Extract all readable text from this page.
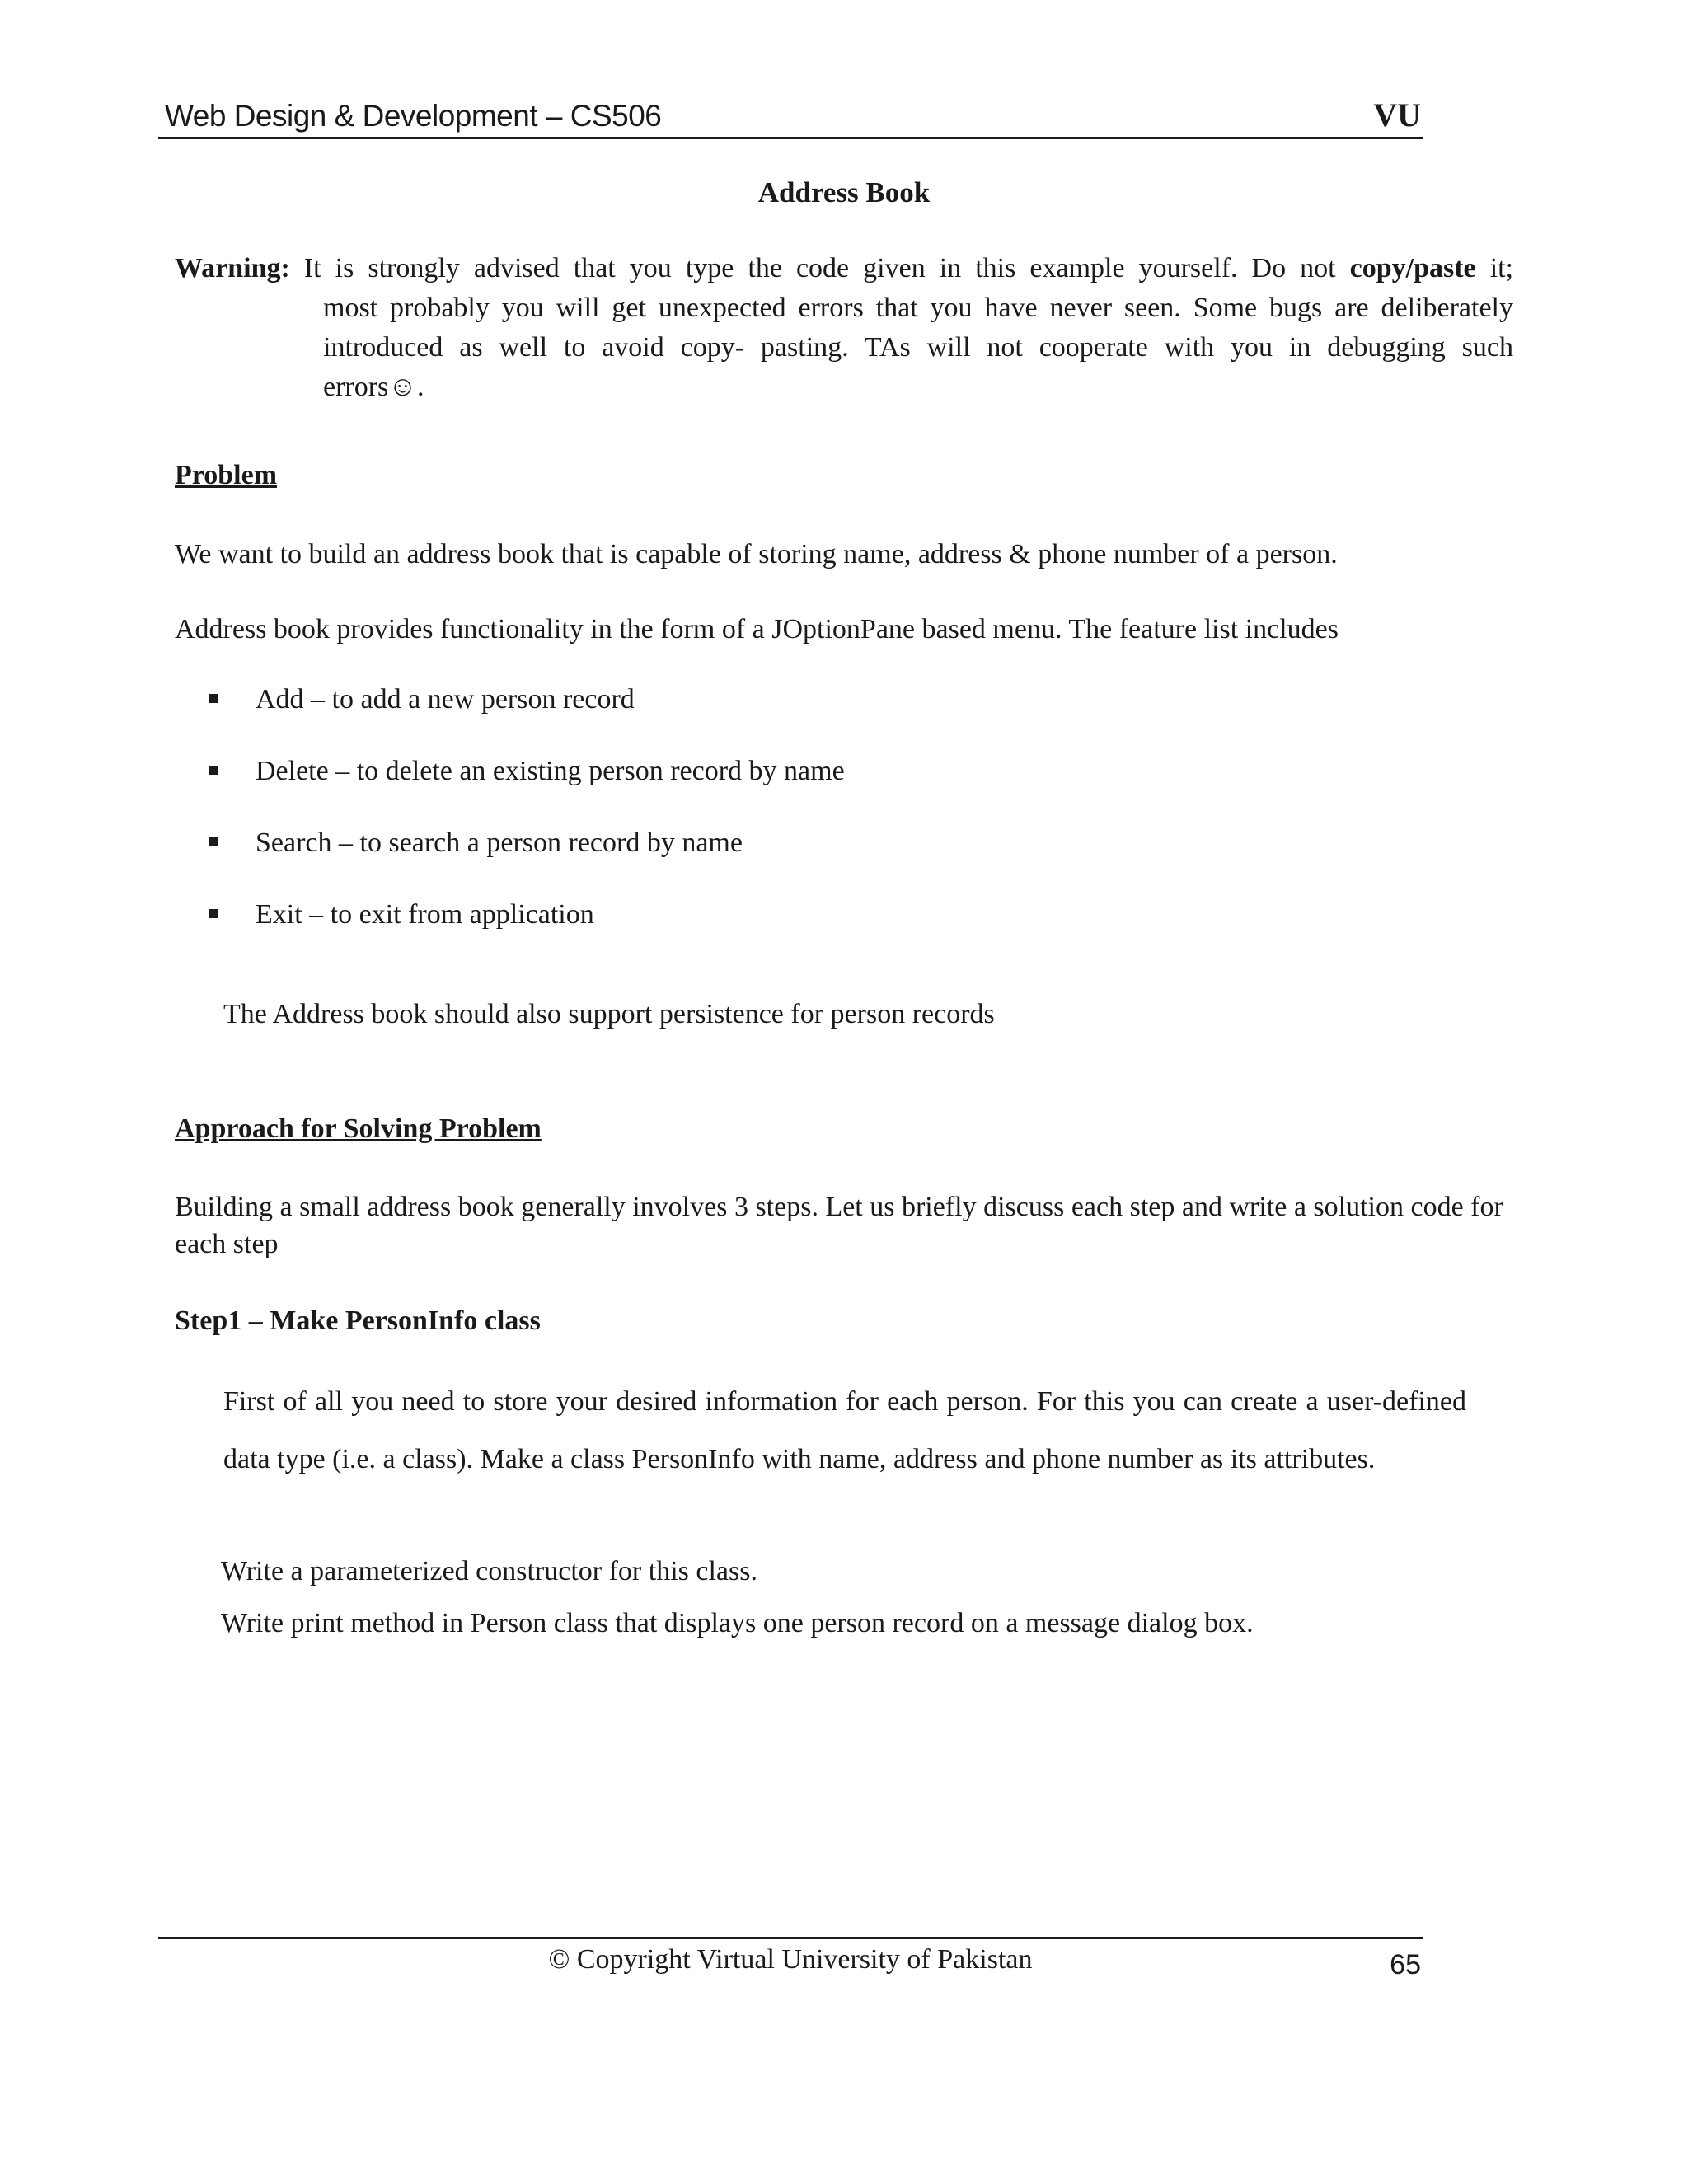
Web Design & Development – CS506	VU
Address Book
Warning: It is strongly advised that you type the code given in this example yourself. Do not copy/paste it;
most probably you will get unexpected errors that you have never seen. Some bugs are deliberately
introduced as well to avoid copy- pasting. TAs will not cooperate with you in debugging such
errors☺.
Problem
We want to build an address book that is capable of storing name, address & phone number of a person.
Address book provides functionality in the form of a JOptionPane based menu. The feature list includes
Add – to add a new person record
Delete – to delete an existing person record by name
Search – to search a person record by name
Exit – to exit from application
The Address book should also support persistence for person records
Approach for Solving Problem
Building a small address book generally involves 3 steps. Let us briefly discuss each step and write a solution code for each step
Step1 – Make PersonInfo class
First of all you need to store your desired information for each person. For this you can create a user-defined data type (i.e. a class). Make a class PersonInfo with name, address and phone number as its attributes.
Write a parameterized constructor for this class.
Write print method in Person class that displays one person record on a message dialog box.
© Copyright Virtual University of Pakistan	65
